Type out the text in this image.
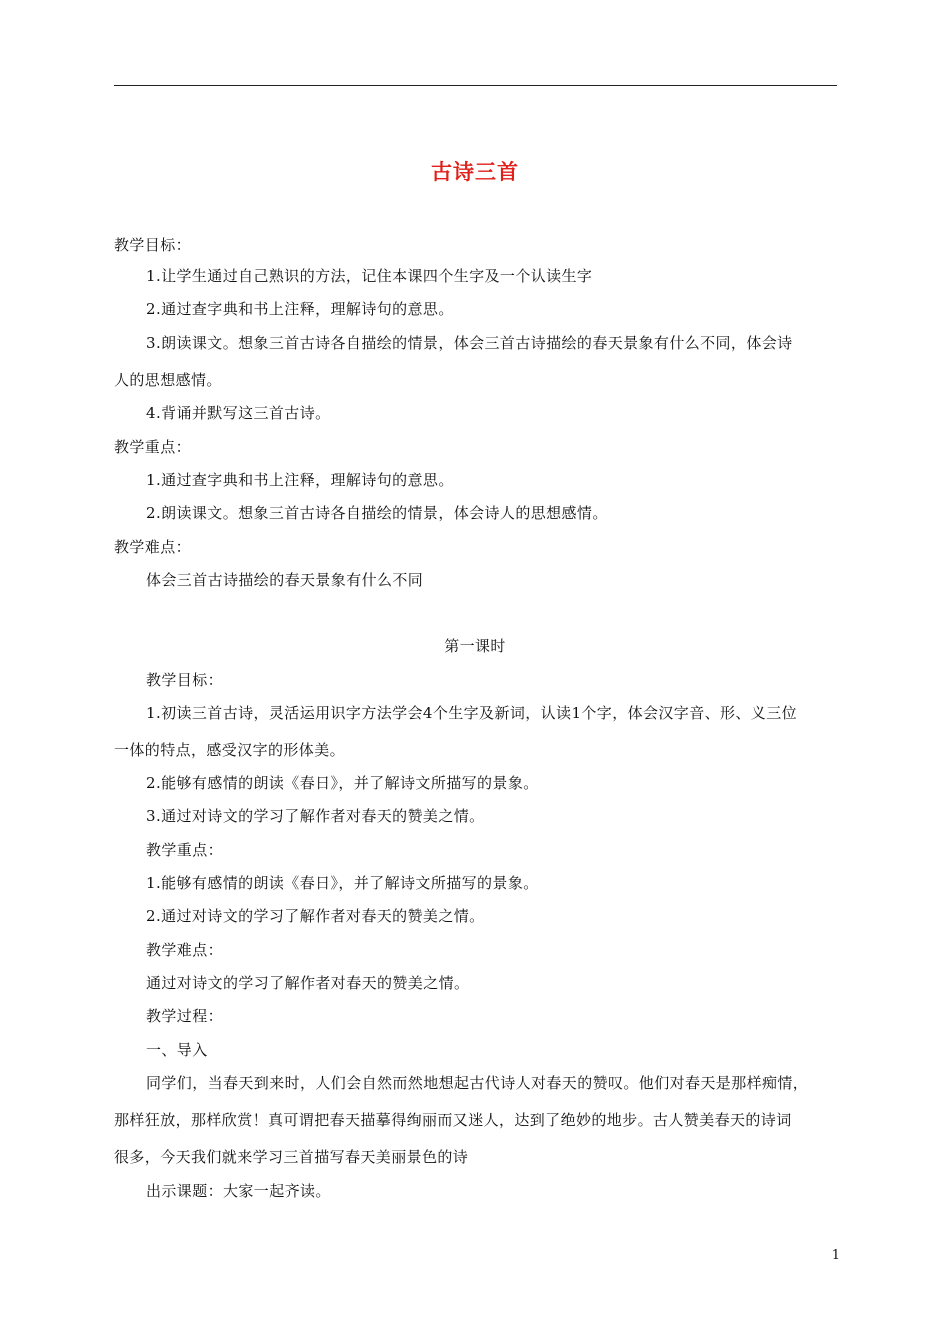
古诗三首
教学目标：
1.让学生通过自己熟识的方法，记住本课四个生字及一个认读生字
2.通过查字典和书上注释，理解诗句的意思。
3.朗读课文。想象三首古诗各自描绘的情景，体会三首古诗描绘的春天景象有什么不同，体会诗
人的思想感情。
4.背诵并默写这三首古诗。
教学重点：
1.通过查字典和书上注释，理解诗句的意思。
2.朗读课文。想象三首古诗各自描绘的情景，体会诗人的思想感情。
教学难点：
体会三首古诗描绘的春天景象有什么不同
第一课时
教学目标：
1.初读三首古诗，灵活运用识字方法学会4个生字及新词，认读1个字，体会汉字音、形、义三位
一体的特点，感受汉字的形体美。
2.能够有感情的朗读《春日》，并了解诗文所描写的景象。
3.通过对诗文的学习了解作者对春天的赞美之情。
教学重点：
1.能够有感情的朗读《春日》，并了解诗文所描写的景象。
2.通过对诗文的学习了解作者对春天的赞美之情。
教学难点：
通过对诗文的学习了解作者对春天的赞美之情。
教学过程：
一、导入
同学们，当春天到来时，人们会自然而然地想起古代诗人对春天的赞叹。他们对春天是那样痴情，
那样狂放，那样欣赏！真可谓把春天描摹得绚丽而又迷人，达到了绝妙的地步。古人赞美春天的诗词
很多，今天我们就来学习三首描写春天美丽景色的诗
出示课题：大家一起齐读。
1
